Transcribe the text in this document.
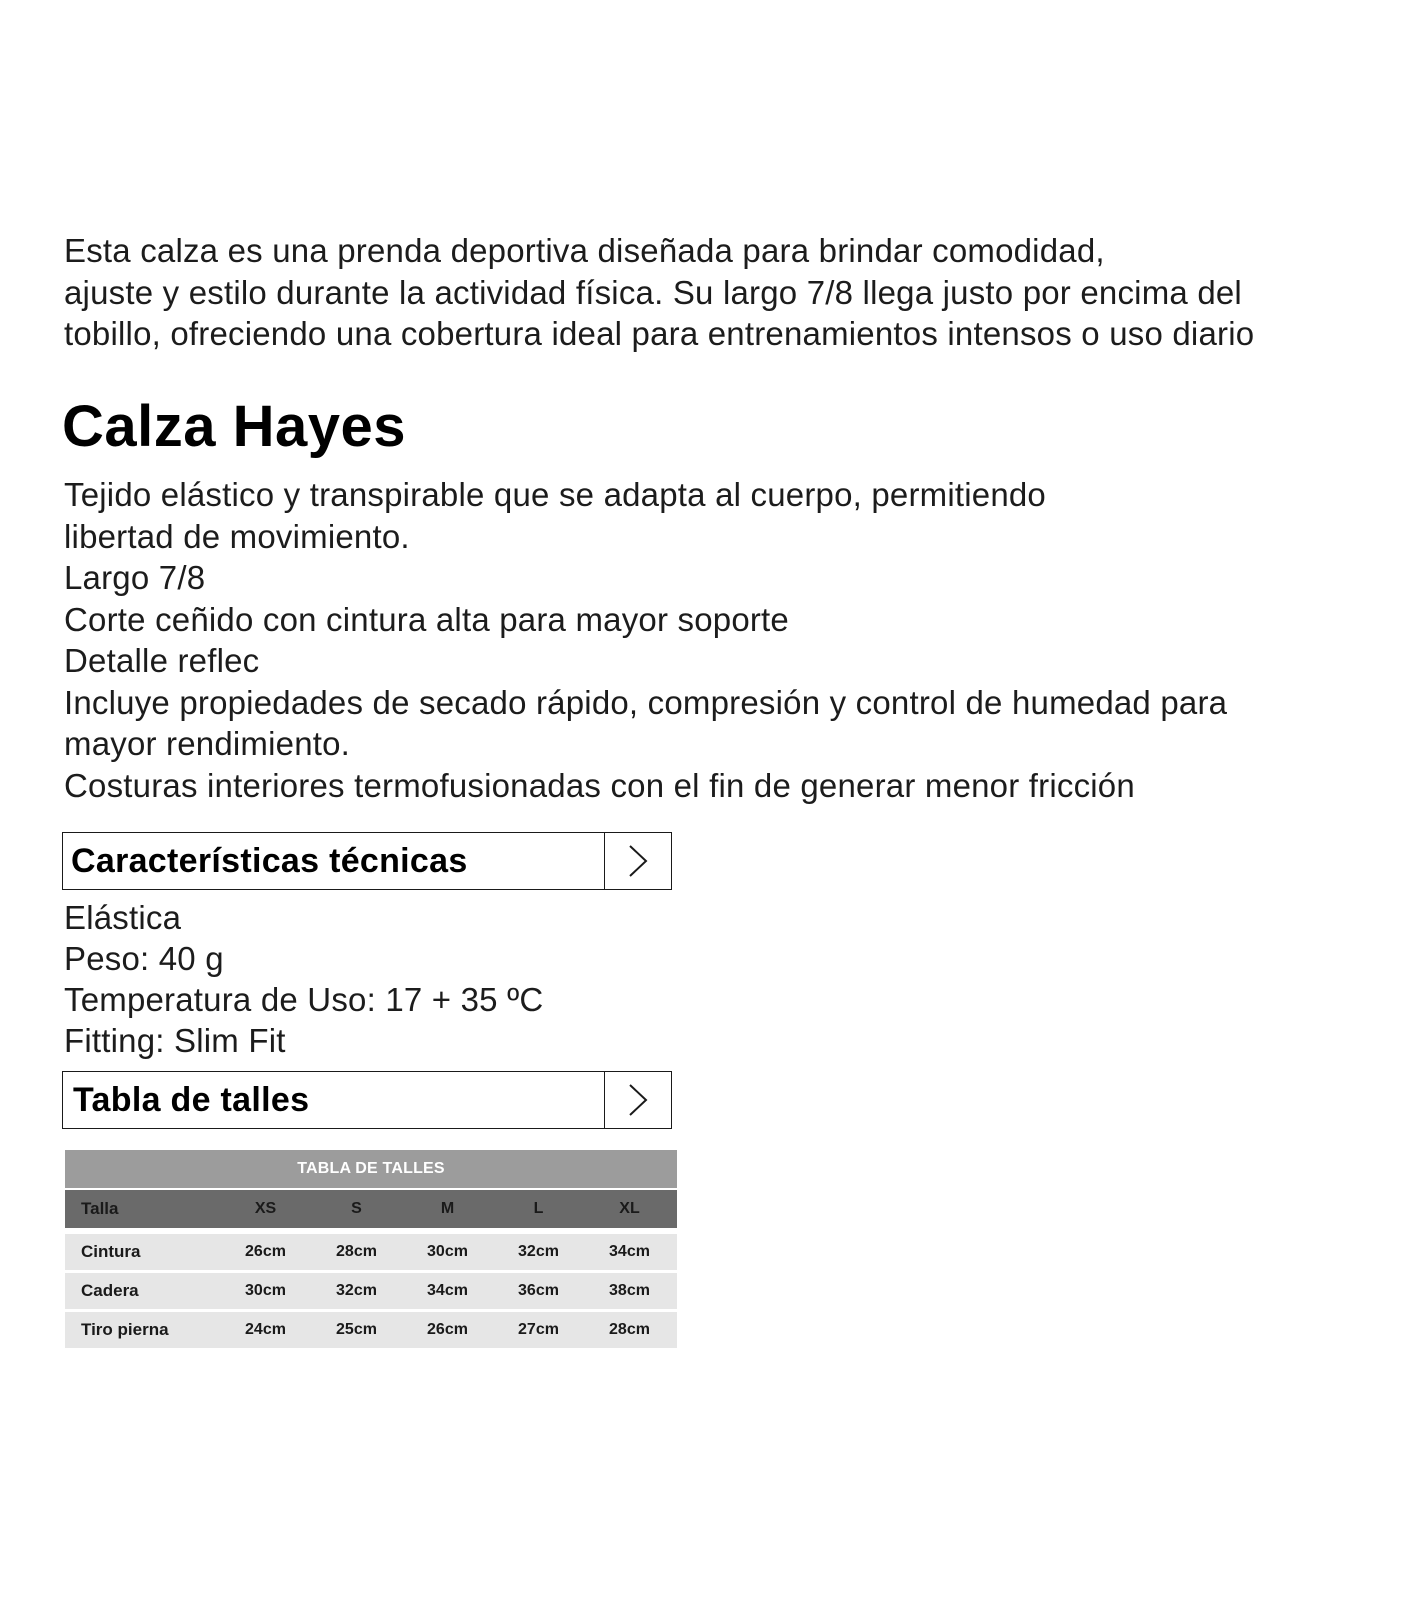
Esta calza es una prenda deportiva diseñada para brindar comodidad,
ajuste y estilo durante la actividad física. Su largo 7/8 llega justo por encima del
tobillo, ofreciendo una cobertura ideal para entrenamientos intensos o uso diario
Calza Hayes
Tejido elástico y transpirable que se adapta al cuerpo, permitiendo
libertad de movimiento.
Largo 7/8
Corte ceñido con cintura alta para mayor soporte
Detalle reflec
Incluye propiedades de secado rápido, compresión y control de humedad para
mayor rendimiento.
Costuras interiores termofusionadas con el fin de generar menor fricción
Características técnicas
Elástica
Peso: 40 g
Temperatura de Uso: 17 + 35 ºC
Fitting: Slim Fit
Tabla de talles
TABLA DE TALLES
Talla	XS	S	M	L	XL
Cintura	26cm	28cm	30cm	32cm	34cm
Cadera	30cm	32cm	34cm	36cm	38cm
Tiro pierna	24cm	25cm	26cm	27cm	28cm
